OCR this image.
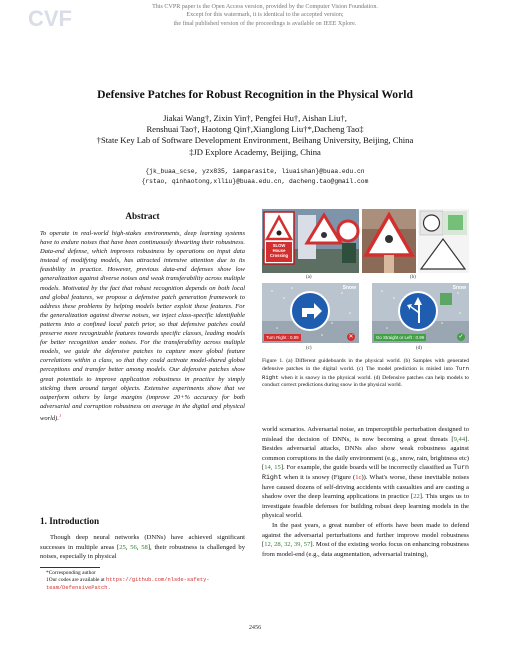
CVF	This CVPR paper is the Open Access version, provided by the Computer Vision Foundation.
Except for this watermark, it is identical to the accepted version;
the final published version of the proceedings is available on IEEE Xplore.
Defensive Patches for Robust Recognition in the Physical World
Jiakai Wang†, Zixin Yin†, Pengfei Hu†, Aishan Liu†,
Renshuai Tao†, Haotong Qin†,Xianglong Liu†*,Dacheng Tao‡
†State Key Lab of Software Development Environment, Beihang University, Beijing, China
‡JD Explore Academy, Beijing, China
{jk_buaa_scse, yzx835, iamparasite, liuaishan}@buaa.edu.cn
{rstao, qinhaotong,xlliu}@buaa.edu.cn, dacheng.tao@gmail.com
Abstract
To operate in real-world high-stakes environments, deep learning systems have to endure noises that have been continuously thwarting their robustness. Data-end defense, which improves robustness by operations on input data instead of modifying models, has attracted intensive attention due to its feasibility in practice. However, previous data-end defenses show low generalization against diverse noises and weak transferability across multiple models. Motivated by the fact that robust recognition depends on both local and global features, we propose a defensive patch generation framework to address these problems by helping models better exploit these features. For the generalization against diverse noises, we inject class-specific identifiable patterns into a confined local patch prior, so that defensive patches could preserve more recognizable features towards specific classes, leading models for better recognition under noises. For the transferability across multiple models, we guide the defensive patches to capture more global feature correlations within a class, so that they could activate model-shared global perceptions and transfer better among models. Our defensive patches show great potentials to improve application robustness in practice by simply sticking them around target objects. Extensive experiments show that we outperform others by large margins (improve 20+% accuracy for both adversarial and corruption robustness on average in the digital and physical world).$^1$
1. Introduction
Though deep neural networks (DNNs) have achieved significant successes in multiple areas [25, 56, 58], their robustness is challenged by noises, especially in physical
*Corresponding author
1Our codes are available at https://github.com/nlsde-safety-team/DefensivePatch.
SLOW House Crossing
(a)	(b)
Snow
Turn Right : 0.89	✕
(c)
Snow
Go Straight or Left : 0.99	✓
(d)
Figure 1. (a) Different guideboards in the physical world. (b) Samples with generated defensive patches in the digital world. (c) The model prediction is misled into Turn Right when it is snowy in the physical world. (d) Defensive patches can help models to conduct correct predictions during snow in the physical world.

world scenarios. Adversarial noise, an imperceptible perturbation designed to mislead the decision of DNNs, is now becoming a great threats [9,44]. Besides adversarial attacks, DNNs also show weak robustness against common corruptions in the daily environment (e.g., snow, rain, brightness etc) [14, 15]. For example, the guide boards will be incorrectly classified as Turn Right when it is snowy (Figure (1c)). What's worse, these inevitable noises have caused dozens of self-driving accidents with casualties and are casting a shadow over the deep learning applications in practice [22]. This urges us to investigate feasible defenses for building robust deep learning models in the physical world.

In the past years, a great number of efforts have been made to defend against the adversarial perturbations and further improve model robustness [12, 28, 32, 39, 57]. Most of the existing works focus on enhancing robustness from model-end (e.g., data augmentation, adversarial training),

2456
